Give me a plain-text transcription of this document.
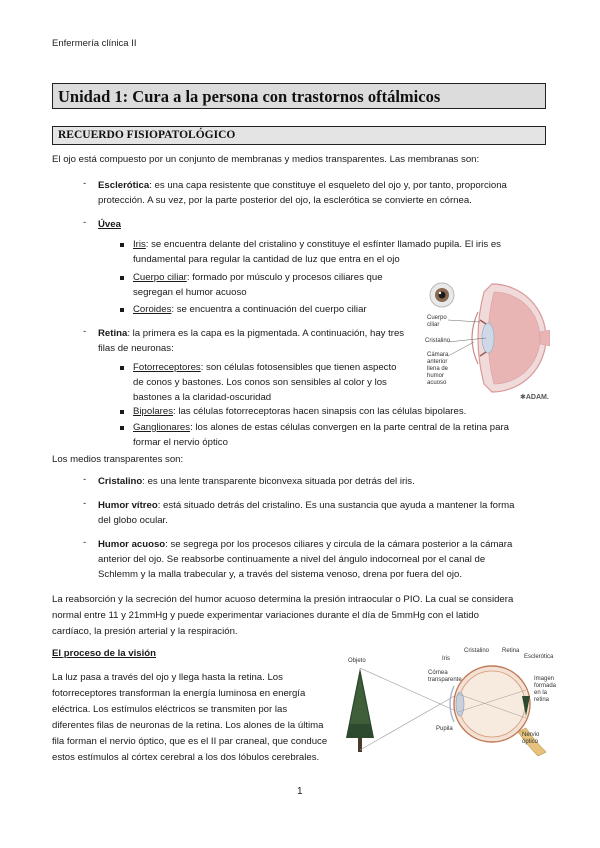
Enfermería clínica II
Unidad 1: Cura a la persona con trastornos oftálmicos
RECUERDO FISIOPATOLÓGICO
El ojo está compuesto por un conjunto de membranas y medios transparentes. Las membranas son:
- Esclerótica: es una capa resistente que constituye el esqueleto del ojo y, por tanto, proporciona
protección. A su vez, por la parte posterior del ojo, la esclerótica se convierte en córnea.
- Úvea
Iris: se encuentra delante del cristalino y constituye el esfínter llamado pupila. El iris es
fundamental para regular la cantidad de luz que entra en el ojo
Cuerpo ciliar: formado por músculo y procesos ciliares que
segregan el humor acuoso
Coroides: se encuentra a continuación del cuerpo ciliar
- Retina: la primera es la capa es la pigmentada. A continuación, hay tres
filas de neuronas:
Fotorreceptores: son células fotosensibles que tienen aspecto
de conos y bastones. Los conos son sensibles al color y los
bastones a la claridad-oscuridad
Bipolares: las células fotorreceptoras hacen sinapsis con las células bipolares.
Ganglionares: los alones de estas células convergen en la parte central de la retina para
formar el nervio óptico
Los medios transparentes son:
- Cristalino: es una lente transparente biconvexa situada por detrás del iris.
- Humor vítreo: está situado detrás del cristalino. Es una sustancia que ayuda a mantener la forma
del globo ocular.
- Humor acuoso: se segrega por los procesos ciliares y circula de la cámara posterior a la cámara
anterior del ojo. Se reabsorbe continuamente a nivel del ángulo indocorneal por el canal de
Schlemm y la malla trabecular y, a través del sistema venoso, drena por fuera del ojo.
La reabsorción y la secreción del humor acuoso determina la presión intraocular o PIO. La cual se considera
normal entre 11 y 21mmHg y puede experimentar variaciones durante el día de 5mmHg con el latido
cardíaco, la presión arterial y la respiración.
El proceso de la visión
La luz pasa a través del ojo y llega hasta la retina. Los
fotorreceptores transforman la energía luminosa en energía
eléctrica. Los estímulos eléctricos se transmiten por las
diferentes filas de neuronas de la retina. Los alones de la última
fila forman el nervio óptico, que es el II par craneal, que conduce
estos estímulos al córtex cerebral a los dos lóbulos cerebrales.
Cuerpo
ciliar
Cristalino
Cámara
anterior
llena de
humor
acuoso
✱ADAM.
Objeto	Iris
Cristalino Retina
Esclerótica
Córnea
transparente	Imagen
formada
en la
retina
Pupila
Nervio
óptico
1
